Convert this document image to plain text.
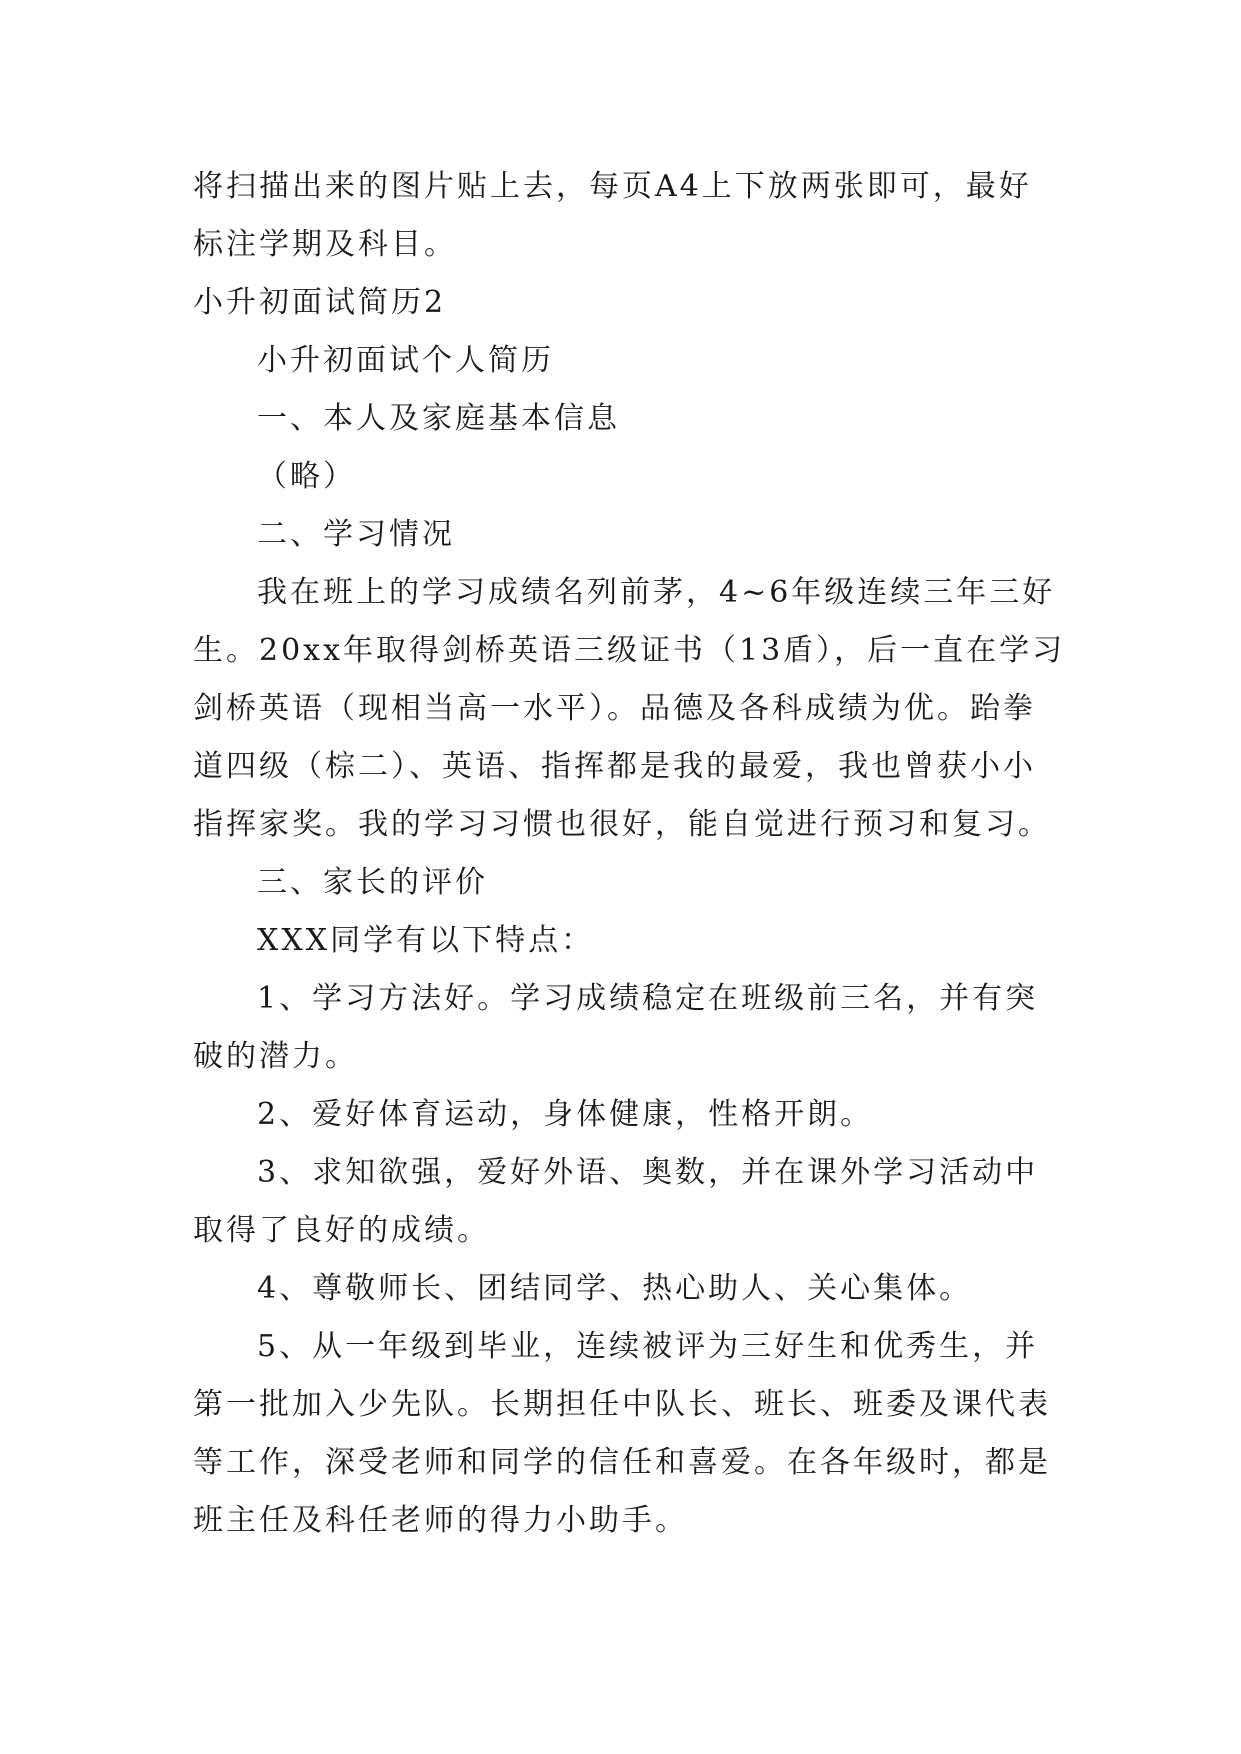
将扫描出来的图片贴上去，每页A4上下放两张即可，最好
标注学期及科目。
小升初面试简历2
小升初面试个人简历
一、本人及家庭基本信息
（略）
二、学习情况
我在班上的学习成绩名列前茅，4~6年级连续三年三好
生。20xx年取得剑桥英语三级证书（13盾），后一直在学习
剑桥英语（现相当高一水平）。品德及各科成绩为优。跆拳
道四级（棕二）、英语、指挥都是我的最爱，我也曾获小小
指挥家奖。我的学习习惯也很好，能自觉进行预习和复习。
三、家长的评价
XXX同学有以下特点：
1、学习方法好。学习成绩稳定在班级前三名，并有突
破的潜力。
2、爱好体育运动，身体健康，性格开朗。
3、求知欲强，爱好外语、奥数，并在课外学习活动中
取得了良好的成绩。
4、尊敬师长、团结同学、热心助人、关心集体。
5、从一年级到毕业，连续被评为三好生和优秀生，并
第一批加入少先队。长期担任中队长、班长、班委及课代表
等工作，深受老师和同学的信任和喜爱。在各年级时，都是
班主任及科任老师的得力小助手。
